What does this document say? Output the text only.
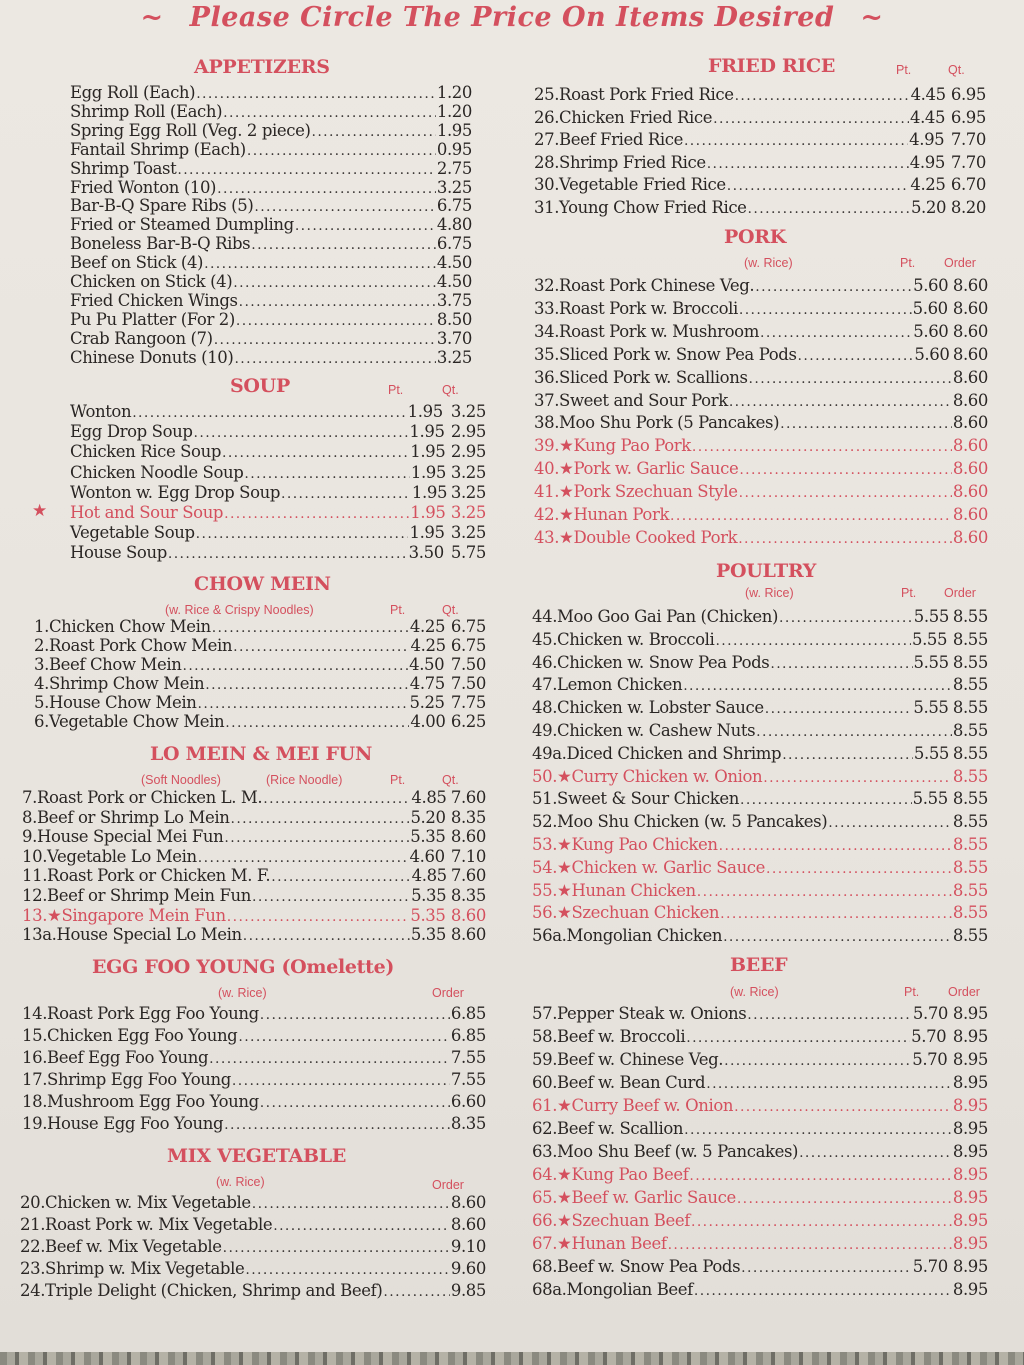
~ Please Circle The Price On Items Desired ~
APPETIZERS
Egg Roll (Each) .....	1.20
Shrimp Roll (Each) .....	1.20
Spring Egg Roll (Veg. 2 piece) .....	1.95
Fantail Shrimp (Each) .....	0.95
Shrimp Toast .....	2.75
Fried Wonton (10) .....	3.25
Bar-B-Q Spare Ribs (5) .....	6.75
Fried or Steamed Dumpling .....	4.80
Boneless Bar-B-Q Ribs .....	6.75
Beef on Stick (4) .....	4.50
Chicken on Stick (4) .....	4.50
Fried Chicken Wings .....	3.75
Pu Pu Platter (For 2) .....	8.50
Crab Rangoon (7) .....	3.70
Chinese Donuts (10) .....	3.25
SOUP	Pt.	Qt.
Wonton .....	1.95 3.25
Egg Drop Soup .....	1.95 2.95
Chicken Rice Soup .....	1.95 2.95
Chicken Noodle Soup .....	1.95 3.25
Wonton w. Egg Drop Soup .....	1.95 3.25
Hot and Sour Soup .....	1.95 3.25
Vegetable Soup .....	1.95 3.25
House Soup .....	3.50 5.75
★
CHOW MEIN
(w. Rice & Crispy Noodles)	Pt.	Qt.
1. Chicken Chow Mein .....	4.25 6.75
2. Roast Pork Chow Mein .....	4.25 6.75
3. Beef Chow Mein .....	4.50 7.50
4. Shrimp Chow Mein .....	4.75 7.50
5. House Chow Mein .....	5.25 7.75
6. Vegetable Chow Mein .....	4.00 6.25
LO MEIN & MEI FUN
(Soft Noodles)	(Rice Noodle)	Pt.	Qt.
7. Roast Pork or Chicken L. M. .....	4.85 7.60
8. Beef or Shrimp Lo Mein .....	5.20 8.35
9. House Special Mei Fun .....	5.35 8.60
10. Vegetable Lo Mein .....	4.60 7.10
11. Roast Pork or Chicken M. F. .....	4.85 7.60
12. Beef or Shrimp Mein Fun .....	5.35 8.35
13.★ Singapore Mein Fun .....	5.35 8.60
13a. House Special Lo Mein .....	5.35 8.60
EGG FOO YOUNG (Omelette)
(w. Rice)	Order
14. Roast Pork Egg Foo Young .....	6.85
15. Chicken Egg Foo Young .....	6.85
16. Beef Egg Foo Young .....	7.55
17. Shrimp Egg Foo Young .....	7.55
18. Mushroom Egg Foo Young .....	6.60
19. House Egg Foo Young .....	8.35
MIX VEGETABLE
(w. Rice)	Order
20. Chicken w. Mix Vegetable .....	8.60
21. Roast Pork w. Mix Vegetable .....	8.60
22. Beef w. Mix Vegetable .....	9.10
23. Shrimp w. Mix Vegetable .....	9.60
24. Triple Delight (Chicken, Shrimp and Beef) .....	9.85
FRIED RICE	Pt.	Qt.
25. Roast Pork Fried Rice .....	4.45 6.95
26. Chicken Fried Rice .....	4.45 6.95
27. Beef Fried Rice .....	4.95 7.70
28. Shrimp Fried Rice .....	4.95 7.70
30. Vegetable Fried Rice .....	4.25 6.70
31. Young Chow Fried Rice .....	5.20 8.20
PORK
(w. Rice)	Pt. Order
32. Roast Pork Chinese Veg. .....	5.60 8.60
33. Roast Pork w. Broccoli .....	5.60 8.60
34. Roast Pork w. Mushroom .....	5.60 8.60
35. Sliced Pork w. Snow Pea Pods .....	5.60 8.60
36. Sliced Pork w. Scallions .....	8.60
37. Sweet and Sour Pork .....	8.60
38. Moo Shu Pork (5 Pancakes) .....	8.60
39.★ Kung Pao Pork .....	8.60
40.★ Pork w. Garlic Sauce .....	8.60
41.★ Pork Szechuan Style .....	8.60
42.★ Hunan Pork .....	8.60
43.★ Double Cooked Pork .....	8.60
POULTRY
(w. Rice)	Pt. Order
44. Moo Goo Gai Pan (Chicken) .....	5.55 8.55
45. Chicken w. Broccoli .....	5.55 8.55
46. Chicken w. Snow Pea Pods .....	5.55 8.55
47. Lemon Chicken .....	8.55
48. Chicken w. Lobster Sauce .....	5.55 8.55
49. Chicken w. Cashew Nuts .....	8.55
49a. Diced Chicken and Shrimp .....	5.55 8.55
50.★ Curry Chicken w. Onion .....	8.55
51. Sweet & Sour Chicken .....	5.55 8.55
52. Moo Shu Chicken (w. 5 Pancakes) .....	8.55
53.★ Kung Pao Chicken .....	8.55
54.★ Chicken w. Garlic Sauce .....	8.55
55.★ Hunan Chicken .....	8.55
56.★ Szechuan Chicken .....	8.55
56a. Mongolian Chicken .....	8.55
BEEF
(w. Rice)	Pt. Order
57. Pepper Steak w. Onions .....	5.70 8.95
58. Beef w. Broccoli .....	5.70 8.95
59. Beef w. Chinese Veg. .....	5.70 8.95
60. Beef w. Bean Curd .....	8.95
61.★ Curry Beef w. Onion .....	8.95
62. Beef w. Scallion .....	8.95
63. Moo Shu Beef (w. 5 Pancakes) .....	8.95
64.★ Kung Pao Beef .....	8.95
65.★ Beef w. Garlic Sauce .....	8.95
66.★ Szechuan Beef .....	8.95
67.★ Hunan Beef .....	8.95
68. Beef w. Snow Pea Pods .....	5.70 8.95
68a. Mongolian Beef .....	8.95
